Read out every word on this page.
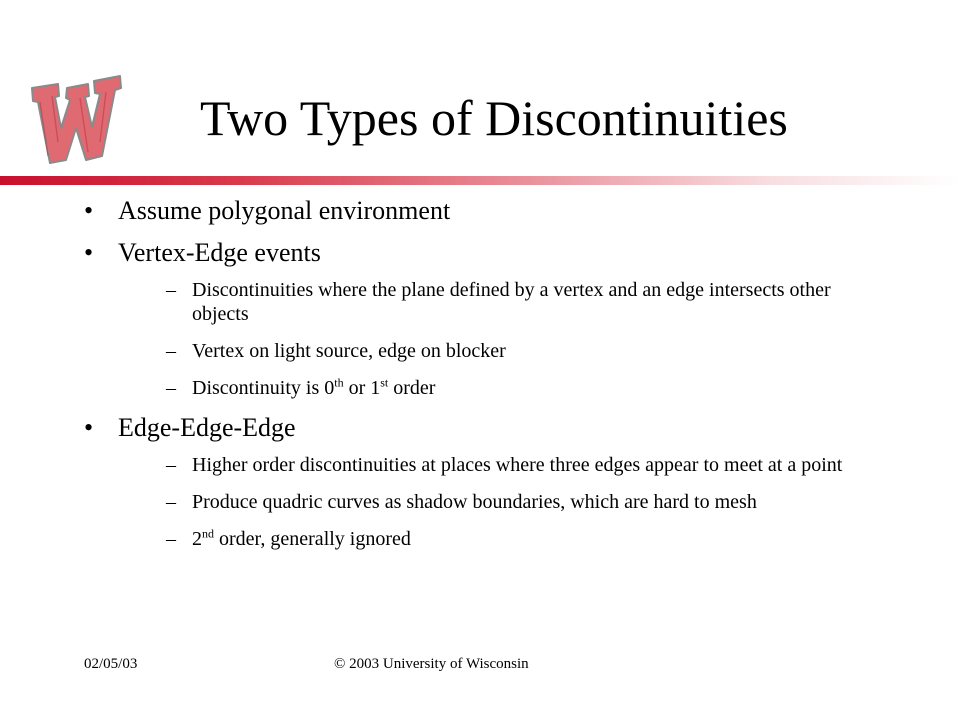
Two Types of Discontinuities
• Assume polygonal environment
• Vertex-Edge events
– Discontinuities where the plane defined by a vertex and an edge intersects other objects
– Vertex on light source, edge on blocker
– Discontinuity is 0th or 1st order
• Edge-Edge-Edge
– Higher order discontinuities at places where three edges appear to meet at a point
– Produce quadric curves as shadow boundaries, which are hard to mesh
– 2nd order, generally ignored
02/05/03	© 2003 University of Wisconsin
